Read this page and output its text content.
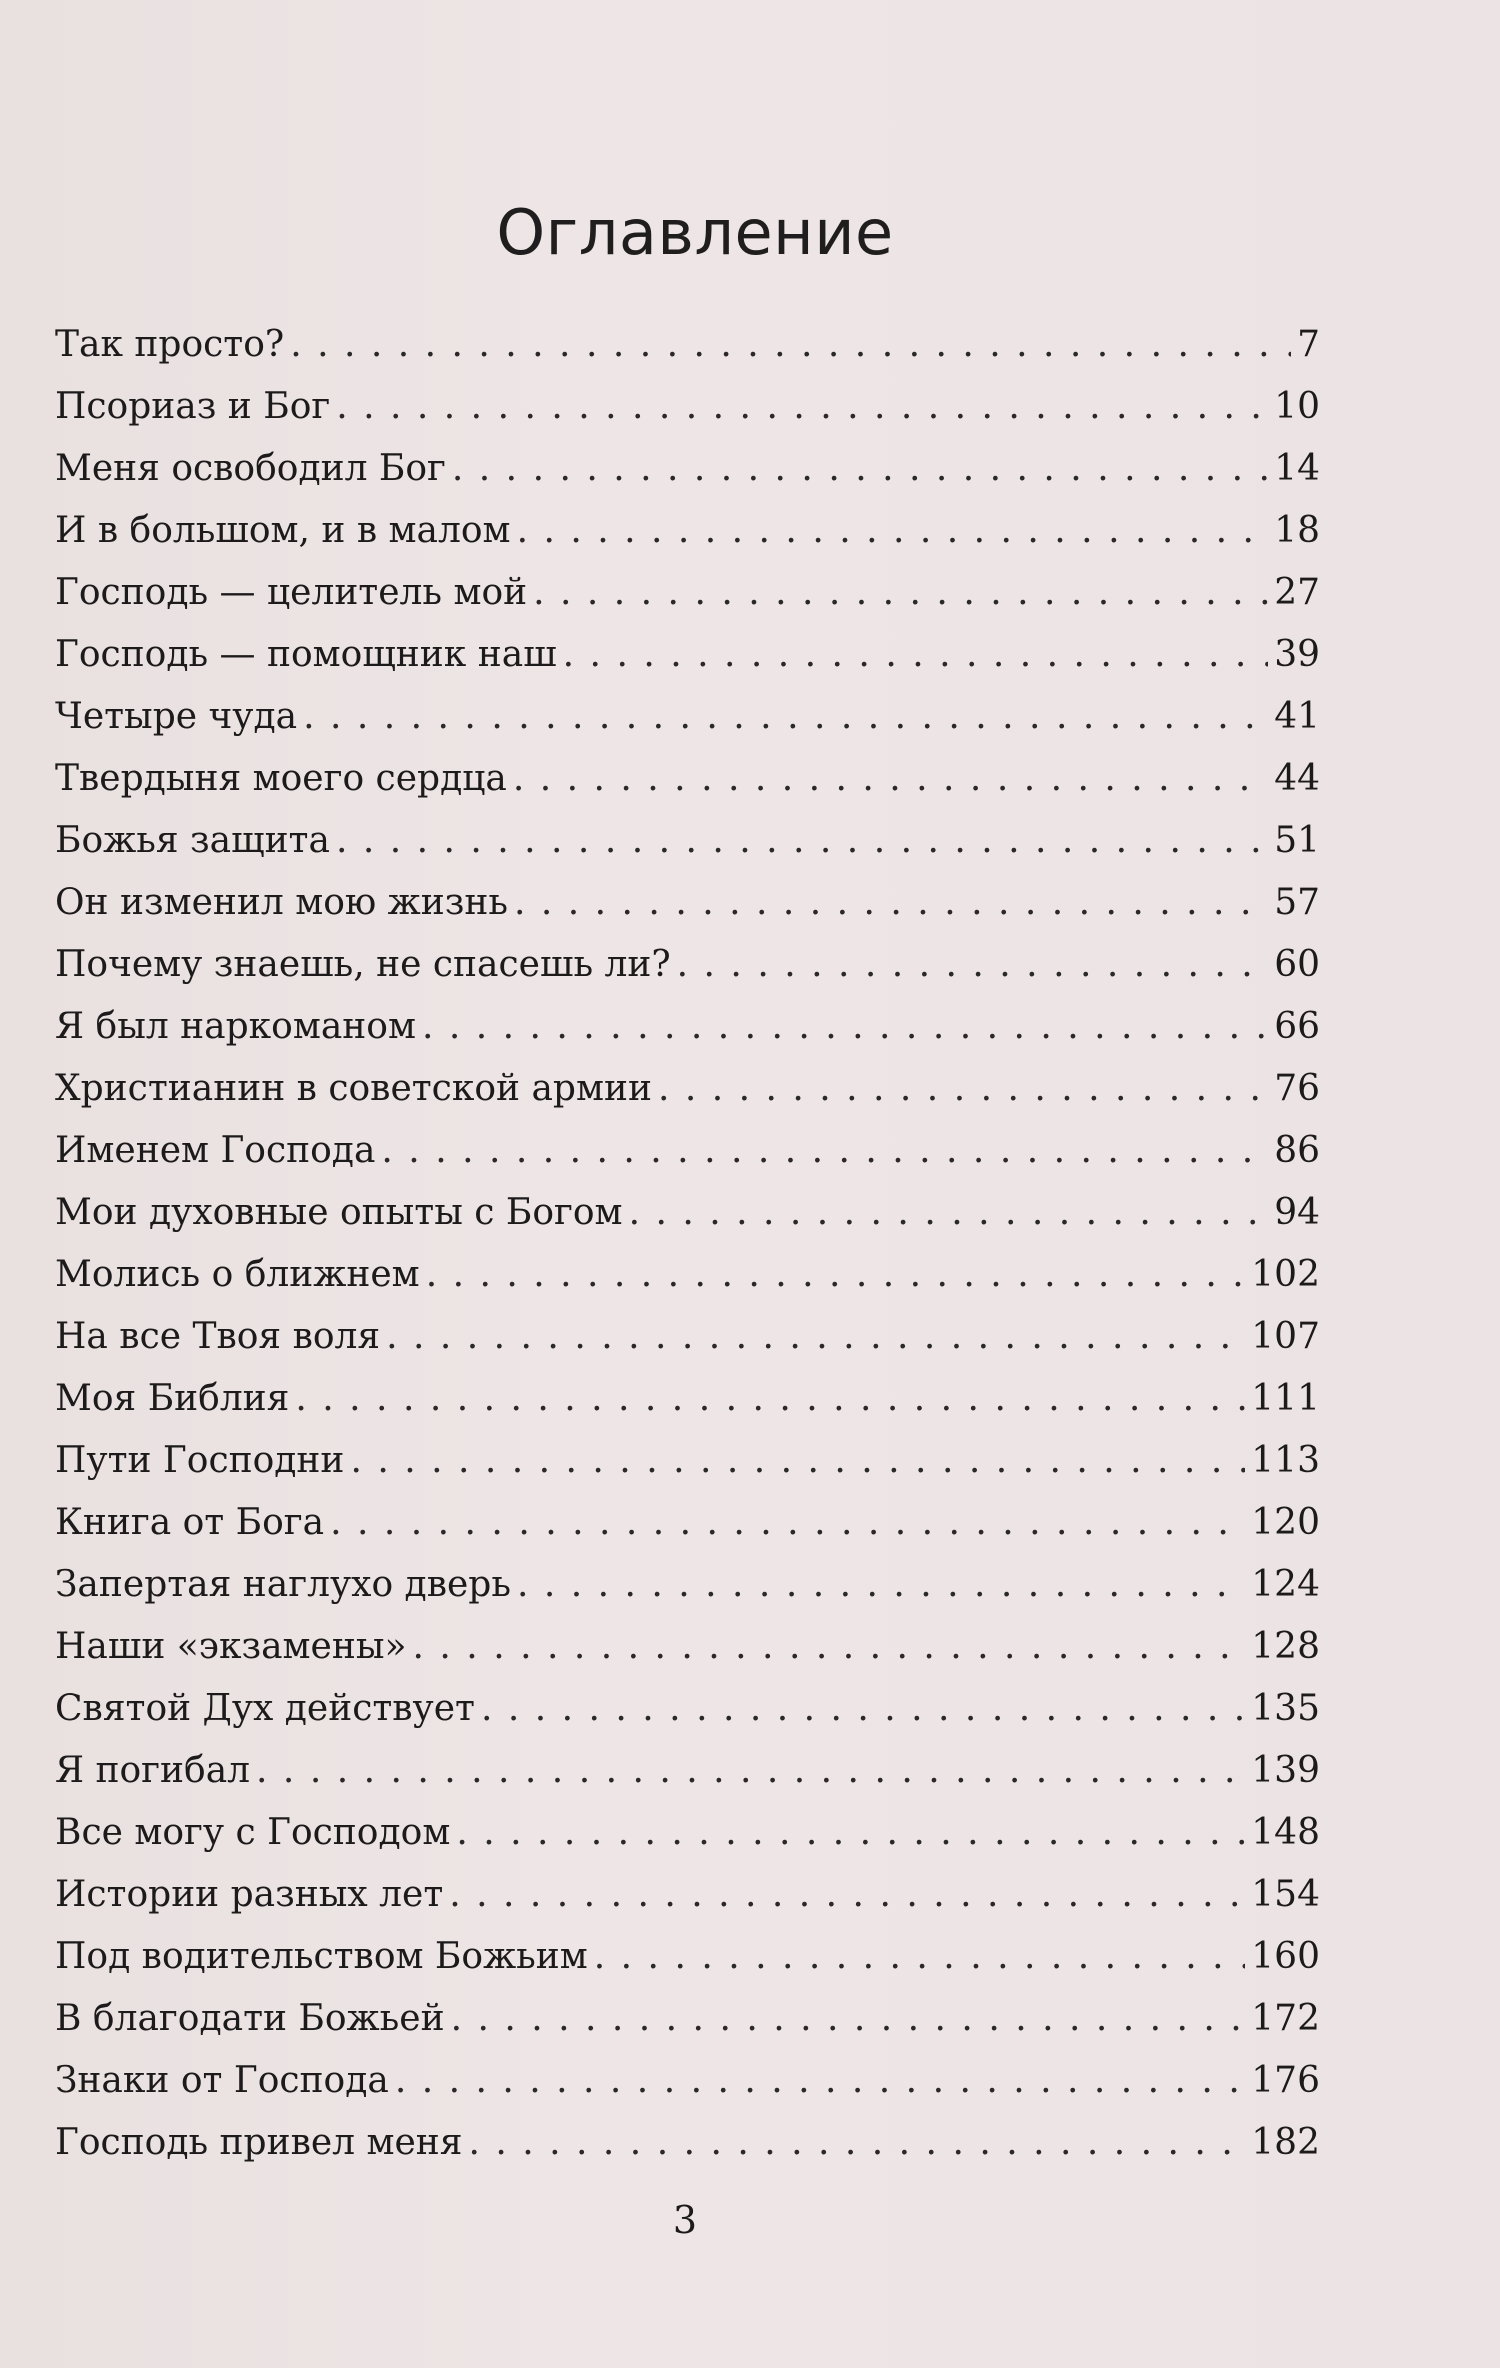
Оглавление
Так просто? . . .	7
Псориаз и Бог . . .	10
Меня освободил Бог . . .	14
И в большом, и в малом . . .	18
Господь — целитель мой . . .	27
Господь — помощник наш . . .	39
Четыре чуда . . .	41
Твердыня моего сердца . . .	44
Божья защита . . .	51
Он изменил мою жизнь . . .	57
Почему знаешь, не спасешь ли? . . .	60
Я был наркоманом . . .	66
Христианин в советской армии . . .	76
Именем Господа . . .	86
Мои духовные опыты с Богом . . .	94
Молись о ближнем . . .	102
На все Твоя воля . . .	107
Моя Библия . . .	111
Пути Господни . . .	113
Книга от Бога . . .	120
Запертая наглухо дверь . . .	124
Наши «экзамены» . . .	128
Святой Дух действует . . .	135
Я погибал . . .	139
Все могу с Господом . . .	148
Истории разных лет . . .	154
Под водительством Божьим . . .	160
В благодати Божьей . . .	172
Знаки от Господа . . .	176
Господь привел меня . . .	182
3
